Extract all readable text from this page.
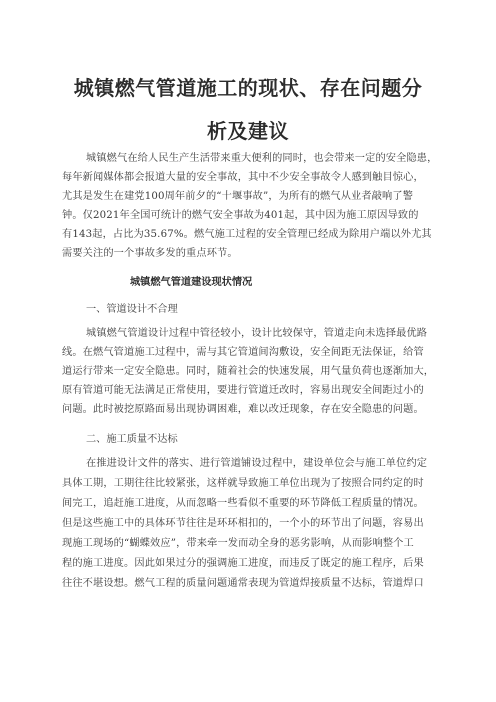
城镇燃气管道施工的现状、存在问题分
析及建议
城镇燃气在给人民生产生活带来重大便利的同时，也会带来一定的安全隐患，
每年新闻媒体都会报道大量的安全事故，其中不少安全事故令人感到触目惊心，
尤其是发生在建党100周年前夕的“十堰事故”，为所有的燃气从业者敲响了警
钟。仅2021年全国可统计的燃气安全事故为401起，其中因为施工原因导致的
有143起，占比为35.67%。燃气施工过程的安全管理已经成为除用户端以外尤其
需要关注的一个事故多发的重点环节。
城镇燃气管道建设现状情况
一、管道设计不合理
城镇燃气管道设计过程中管径较小，设计比较保守，管道走向未选择最优路
线。在燃气管道施工过程中，需与其它管道间沟敷设，安全间距无法保证，给管
道运行带来一定安全隐患。同时，随着社会的快速发展，用气量负荷也逐渐加大，
原有管道可能无法满足正常使用，要进行管道迁改时，容易出现安全间距过小的
问题。此时被挖原路面易出现协调困难，难以改迁现象，存在安全隐患的问题。
二、施工质量不达标
在推进设计文件的落实、进行管道铺设过程中，建设单位会与施工单位约定
具体工期，工期往往比较紧张，这样就导致施工单位出现为了按照合同约定的时
间完工，追赶施工进度，从而忽略一些看似不重要的环节降低工程质量的情况。
但是这些施工中的具体环节往往是环环相扣的，一个小的环节出了问题，容易出
现施工现场的“蝴蝶效应”，带来牵一发而动全身的恶劣影响，从而影响整个工
程的施工进度。因此如果过分的强调施工进度，而违反了既定的施工程序，后果
往往不堪设想。燃气工程的质量问题通常表现为管道焊接质量不达标，管道焊口
